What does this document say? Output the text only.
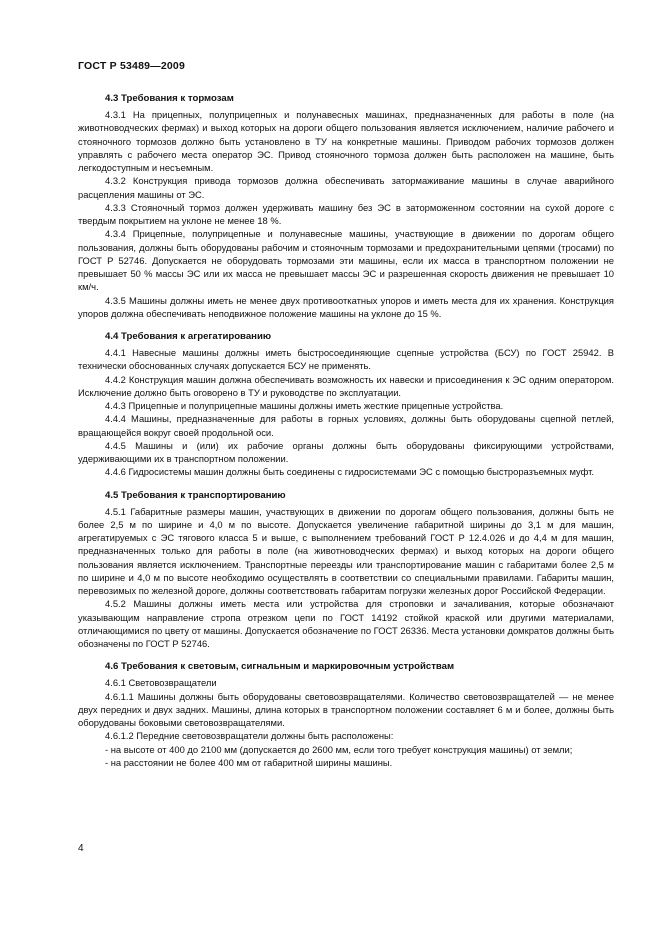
ГОСТ Р 53489—2009
4.3 Требования к тормозам

4.3.1 На прицепных, полуприцепных и полунавесных машинах, предназначенных для работы в поле (на животноводческих фермах) и выход которых на дороги общего пользования является исключением, наличие рабочего и стояночного тормозов должно быть установлено в ТУ на конкретные машины. Приводом рабочих тормозов должен управлять с рабочего места оператор ЭС. Привод стояночного тормоза должен быть расположен на машине, быть легкодоступным и несъемным.

4.3.2 Конструкция привода тормозов должна обеспечивать затормаживание машины в случае аварийного расцепления машины от ЭС.

4.3.3 Стояночный тормоз должен удерживать машину без ЭС в заторможенном состоянии на сухой дороге с твердым покрытием на уклоне не менее 18 %.

4.3.4 Прицепные, полуприцепные и полунавесные машины, участвующие в движении по дорогам общего пользования, должны быть оборудованы рабочим и стояночным тормозами и предохранительными цепями (тросами) по ГОСТ Р 52746. Допускается не оборудовать тормозами эти машины, если их масса в транспортном положении не превышает 50 % массы ЭС или их масса не превышает массы ЭС и разрешенная скорость движения не превышает 10 км/ч.

4.3.5 Машины должны иметь не менее двух противооткатных упоров и иметь места для их хранения. Конструкция упоров должна обеспечивать неподвижное положение машины на уклоне до 15 %.

4.4 Требования к агрегатированию

4.4.1 Навесные машины должны иметь быстросоединяющие сцепные устройства (БСУ) по ГОСТ 25942. В технически обоснованных случаях допускается БСУ не применять.

4.4.2 Конструкция машин должна обеспечивать возможность их навески и присоединения к ЭС одним оператором. Исключение должно быть оговорено в ТУ и руководстве по эксплуатации.

4.4.3 Прицепные и полуприцепные машины должны иметь жесткие прицепные устройства.

4.4.4 Машины, предназначенные для работы в горных условиях, должны быть оборудованы сцепной петлей, вращающейся вокруг своей продольной оси.

4.4.5 Машины и (или) их рабочие органы должны быть оборудованы фиксирующими устройствами, удерживающими их в транспортном положении.

4.4.6 Гидросистемы машин должны быть соединены с гидросистемами ЭС с помощью быстроразъемных муфт.

4.5 Требования к транспортированию

4.5.1 Габаритные размеры машин, участвующих в движении по дорогам общего пользования, должны быть не более 2,5 м по ширине и 4,0 м по высоте. Допускается увеличение габаритной ширины до 3,1 м для машин, агрегатируемых с ЭС тягового класса 5 и выше, с выполнением требований ГОСТ Р 12.4.026 и до 4,4 м для машин, предназначенных только для работы в поле (на животноводческих фермах) и выход которых на дороги общего пользования является исключением. Транспортные переезды или транспортирование машин с габаритами более 2,5 м по ширине и 4,0 м по высоте необходимо осуществлять в соответствии со специальными правилами. Габариты машин, перевозимых по железной дороге, должны соответствовать габаритам погрузки железных дорог Российской Федерации.

4.5.2 Машины должны иметь места или устройства для строповки и зачаливания, которые обозначают указывающим направление стропа отрезком цепи по ГОСТ 14192 стойкой краской или другими материалами, отличающимися по цвету от машины. Допускается обозначение по ГОСТ 26336. Места установки домкратов должны быть обозначены по ГОСТ Р 52746.

4.6 Требования к световым, сигнальным и маркировочным устройствам

4.6.1 Световозвращатели

4.6.1.1 Машины должны быть оборудованы световозвращателями. Количество световозвращателей — не менее двух передних и двух задних. Машины, длина которых в транспортном положении составляет 6 м и более, должны быть оборудованы боковыми световозвращателями.

4.6.1.2 Передние световозвращатели должны быть расположены:

- на высоте от 400 до 2100 мм (допускается до 2600 мм, если того требует конструкция машины) от земли;

- на расстоянии не более 400 мм от габаритной ширины машины.

4
